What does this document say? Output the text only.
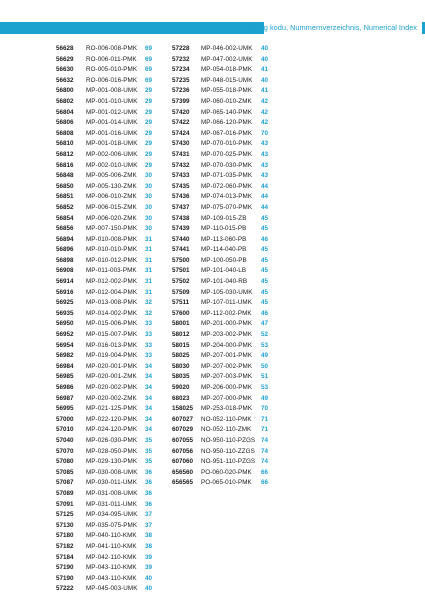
Spis wg kodu, Nummernverzeichnis, Numerical Index
56628 RO-006-008-PMK 69
56629 RO-006-011-PMK 69
56630 RO-005-010-PMK 69
56632 RO-006-016-PMK 69
56800 MP-001-008-UMK 29
56802 MP-001-010-UMK 29
56804 MP-001-012-UMK 29
56806 MP-001-014-UMK 29
56808 MP-001-016-UMK 29
56810 MP-001-018-UMK 29
56812 MP-002-006-UMK 29
56816 MP-002-010-UMK 29
56848 MP-005-006-ZMK 30
56850 MP-005-130-ZMK 30
56851 MP-006-010-ZMK 30
56852 MP-006-015-ZMK 30
56854 MP-006-020-ZMK 30
56856 MP-007-150-PMK 30
56894 MP-010-008-PMK 31
56896 MP-010-010-PMK 31
56898 MP-010-012-PMK 31
56908 MP-011-003-PMK 31
56914 MP-012-002-PMK 31
56916 MP-012-004-PMK 31
56925 MP-013-008-PMK 32
56935 MP-014-002-PMK 32
56950 MP-015-006-PMK 33
56952 MP-015-007-PMK 33
56954 MP-016-013-PMK 33
56982 MP-019-004-PMK 33
56984 MP-020-001-PMK 34
56985 MP-020-001-ZMK 34
56986 MP-020-002-PMK 34
56987 MP-020-002-ZMK 34
56995 MP-021-125-PMK 34
57000 MP-022-120-PMK 34
57010 MP-024-120-PMK 34
57040 MP-026-030-PMK 35
57070 MP-028-050-PMK 35
57080 MP-029-130-PMK 35
57085 MP-030-008-UMK 36
57087 MP-030-011-UMK 36
57089 MP-031-008-UMK 36
57091 MP-031-011-UMK 36
57125 MP-034-095-UMK 37
57130 MP-035-075-PMK 37
57180 MP-040-110-KMK 38
57182 MP-041-110-KMK 38
57184 MP-042-110-KMK 39
57190 MP-043-110-KMK 39
57190 MP-043-110-KMK 40
57222 MP-045-003-UMK 40
57228 MP-046-002-UMK 40
57232 MP-047-002-UMK 40
57234 MP-054-018-PMK 41
57235 MP-048-015-UMK 40
57236 MP-055-018-PMK 41
57399 MP-060-010-ZMK 42
57420 MP-065-140-PMK 42
57422 MP-066-120-PMK 42
57424 MP-067-016-PMK 70
57430 MP-070-010-PMK 43
57431 MP-070-025-PMK 43
57432 MP-070-030-PMK 43
57433 MP-071-035-PMK 43
57435 MP-072-060-PMK 44
57436 MP-074-013-PMK 44
57437 MP-075-070-PMK 44
57438 MP-109-015-ZB 45
57439 MP-110-015-PB 45
57440 MP-113-060-PB 46
57441 MP-114-040-PB 45
57500 MP-100-050-PB 45
57501 MP-101-040-LB 45
57502 MP-101-040-RB 45
57509 MP-105-030-UMK 45
57511 MP-107-011-UMK 45
57600 MP-112-002-PMK 46
58001 MP-201-000-PMK 47
58012 MP-203-002-PMK 52
58015 MP-204-000-PMK 53
58025 MP-207-001-PMK 49
58030 MP-207-002-PMK 50
58035 MP-207-003-PMK 51
59020 MP-206-000-PMK 53
68023 MP-207-000-PMK 49
158025 MP-253-018-PMK 70
607027 NO-052-110-PMK 71
607029 NO-052-110-ZMK 71
607055 NO-950-110-PZGS 74
607056 NO-950-110-ZZGS 74
607060 NO-951-110-PZGS 74
656560 PO-060-020-PMK 66
656565 PO-065-010-PMK 66
